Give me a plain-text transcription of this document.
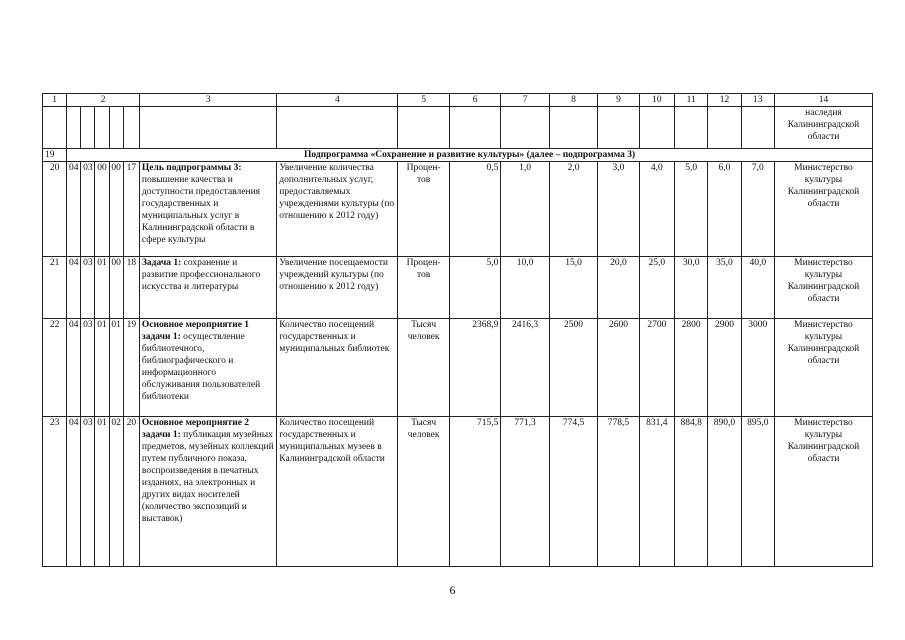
1	2					3	4	5	6	7	8	9	10	11	12	13	14
																	наследия Калининградской области
19	Подпрограмма «Сохранение и развитие культуры» (далее – подпрограмма 3)																
20	04	03	00	00	17	Цель подпрограммы 3: повышение качества и доступности предоставления государственных и муниципальных услуг в Калининградской области в сфере культуры	Увеличение количества дополнительных услуг, предоставляемых учреждениями культуры (по отношению к 2012 году)	Процен-тов	0,5	1,0	2,0	3,0	4,0	5,0	6,0	7,0	Министерство культуры Калининградской области
21	04	03	01	00	18	Задача 1: сохранение и развитие профессионального искусства и литературы	Увеличение посещаемости учреждений культуры (по отношению к 2012 году)	Процен-тов	5,0	10,0	15,0	20,0	25,0	30,0	35,0	40,0	Министерство культуры Калининградской области
22	04	03	01	01	19	Основное мероприятие 1 задачи 1: осуществление библиотечного, библиографического и информационного обслуживания пользователей библиотеки	Количество посещений государственных и муниципальных библиотек	Тысяч человек	2368,9	2416,3	2500	2600	2700	2800	2900	3000	Министерство культуры Калининградской области
23	04	03	01	02	20	Основное мероприятие 2 задачи 1: публикация музейных предметов, музейных коллекций путем публичного показа, воспроизведения в печатных изданиях, на электронных и других видах носителей (количество экспозиций и выставок)	Количество посещений государственных и муниципальных музеев в Калининградской области	Тысяч человек	715,5	771,3	774,5	778,5	831,4	884,8	890,0	895,0	Министерство культуры Калининградской области
6
